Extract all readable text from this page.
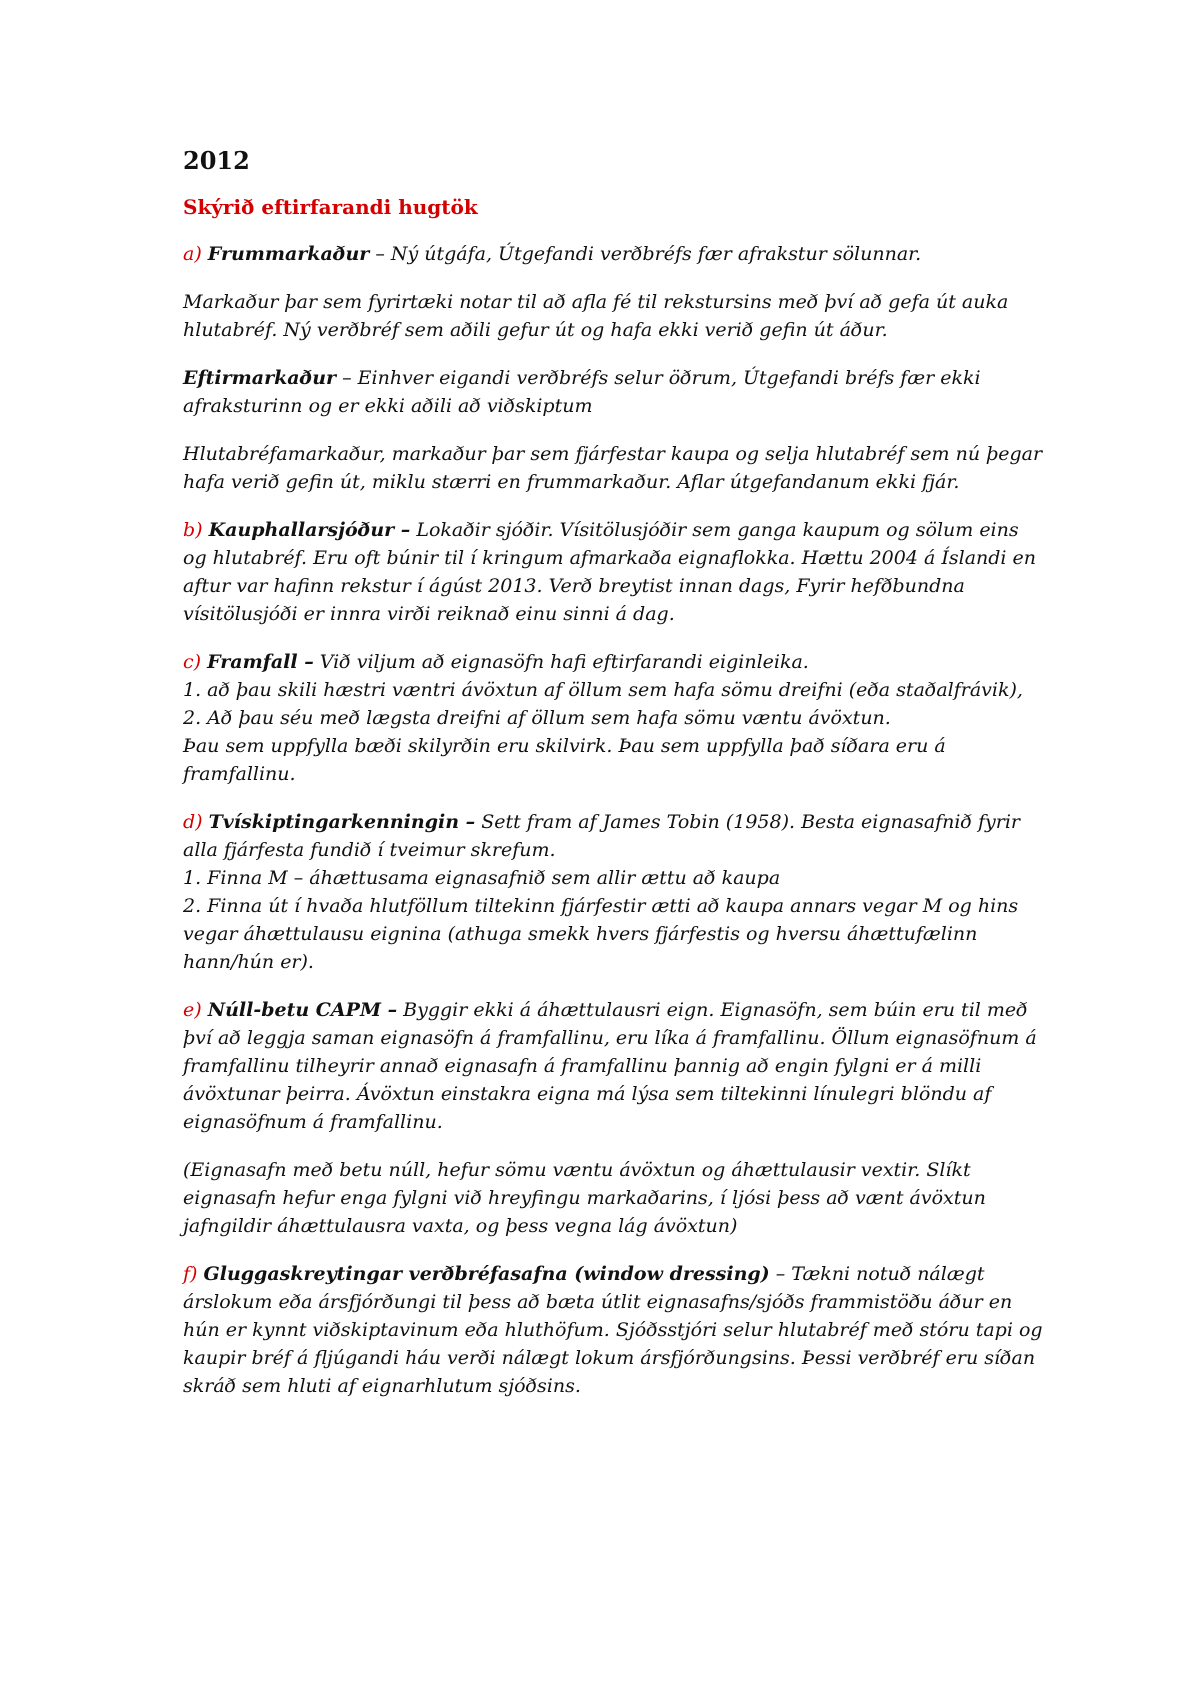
2012
Skýrið eftirfarandi hugtök

a) Frummarkaður – Ný útgáfa, Útgefandi verðbréfs fær afrakstur sölunnar.

Markaður þar sem fyrirtæki notar til að afla fé til rekstursins með því að gefa út auka hlutabréf. Ný verðbréf sem aðili gefur út og hafa ekki verið gefin út áður.

Eftirmarkaður – Einhver eigandi verðbréfs selur öðrum, Útgefandi bréfs fær ekki afraksturinn og er ekki aðili að viðskiptum

Hlutabréfamarkaður, markaður þar sem fjárfestar kaupa og selja hlutabréf sem nú þegar hafa verið gefin út, miklu stærri en frummarkaður. Aflar útgefandanum ekki fjár.

b) Kauphallarsjóður – Lokaðir sjóðir. Vísitölusjóðir sem ganga kaupum og sölum eins og hlutabréf. Eru oft búnir til í kringum afmarkaða eignaflokka. Hættu 2004 á Íslandi en aftur var hafinn rekstur í ágúst 2013. Verð breytist innan dags, Fyrir hefðbundna vísitölusjóði er innra virði reiknað einu sinni á dag.

c) Framfall – Við viljum að eignasöfn hafi eftirfarandi eiginleika.
1. að þau skili hæstri væntri ávöxtun af öllum sem hafa sömu dreifni (eða staðalfrávik),
2. Að þau séu með lægsta dreifni af öllum sem hafa sömu væntu ávöxtun.
Þau sem uppfylla bæði skilyrðin eru skilvirk. Þau sem uppfylla það síðara eru á framfallinu.

d) Tvískiptingarkenningin – Sett fram af James Tobin (1958). Besta eignasafnið fyrir alla fjárfesta fundið í tveimur skrefum.
1. Finna M – áhættusama eignasafnið sem allir ættu að kaupa
2. Finna út í hvaða hlutföllum tiltekinn fjárfestir ætti að kaupa annars vegar M og hins vegar áhættulausu eignina (athuga smekk hvers fjárfestis og hversu áhættufælinn hann/hún er).

e) Núll-betu CAPM – Byggir ekki á áhættulausri eign. Eignasöfn, sem búin eru til með því að leggja saman eignasöfn á framfallinu, eru líka á framfallinu. Öllum eignasöfnum á framfallinu tilheyrir annað eignasafn á framfallinu þannig að engin fylgni er á milli ávöxtunar þeirra. Ávöxtun einstakra eigna má lýsa sem tiltekinni línulegri blöndu af eignasöfnum á framfallinu.

(Eignasafn með betu núll, hefur sömu væntu ávöxtun og áhættulausir vextir. Slíkt eignasafn hefur enga fylgni við hreyfingu markaðarins, í ljósi þess að vænt ávöxtun jafngildir áhættulausra vaxta, og þess vegna lág ávöxtun)

f) Gluggaskreytingar verðbréfasafna (window dressing) – Tækni notuð nálægt árslokum eða ársfjórðungi til þess að bæta útlit eignasafns/sjóðs frammistöðu áður en hún er kynnt viðskiptavinum eða hluthöfum. Sjóðsstjóri selur hlutabréf með stóru tapi og kaupir bréf á fljúgandi háu verði nálægt lokum ársfjórðungsins. Þessi verðbréf eru síðan skráð sem hluti af eignarhlutum sjóðsins.
